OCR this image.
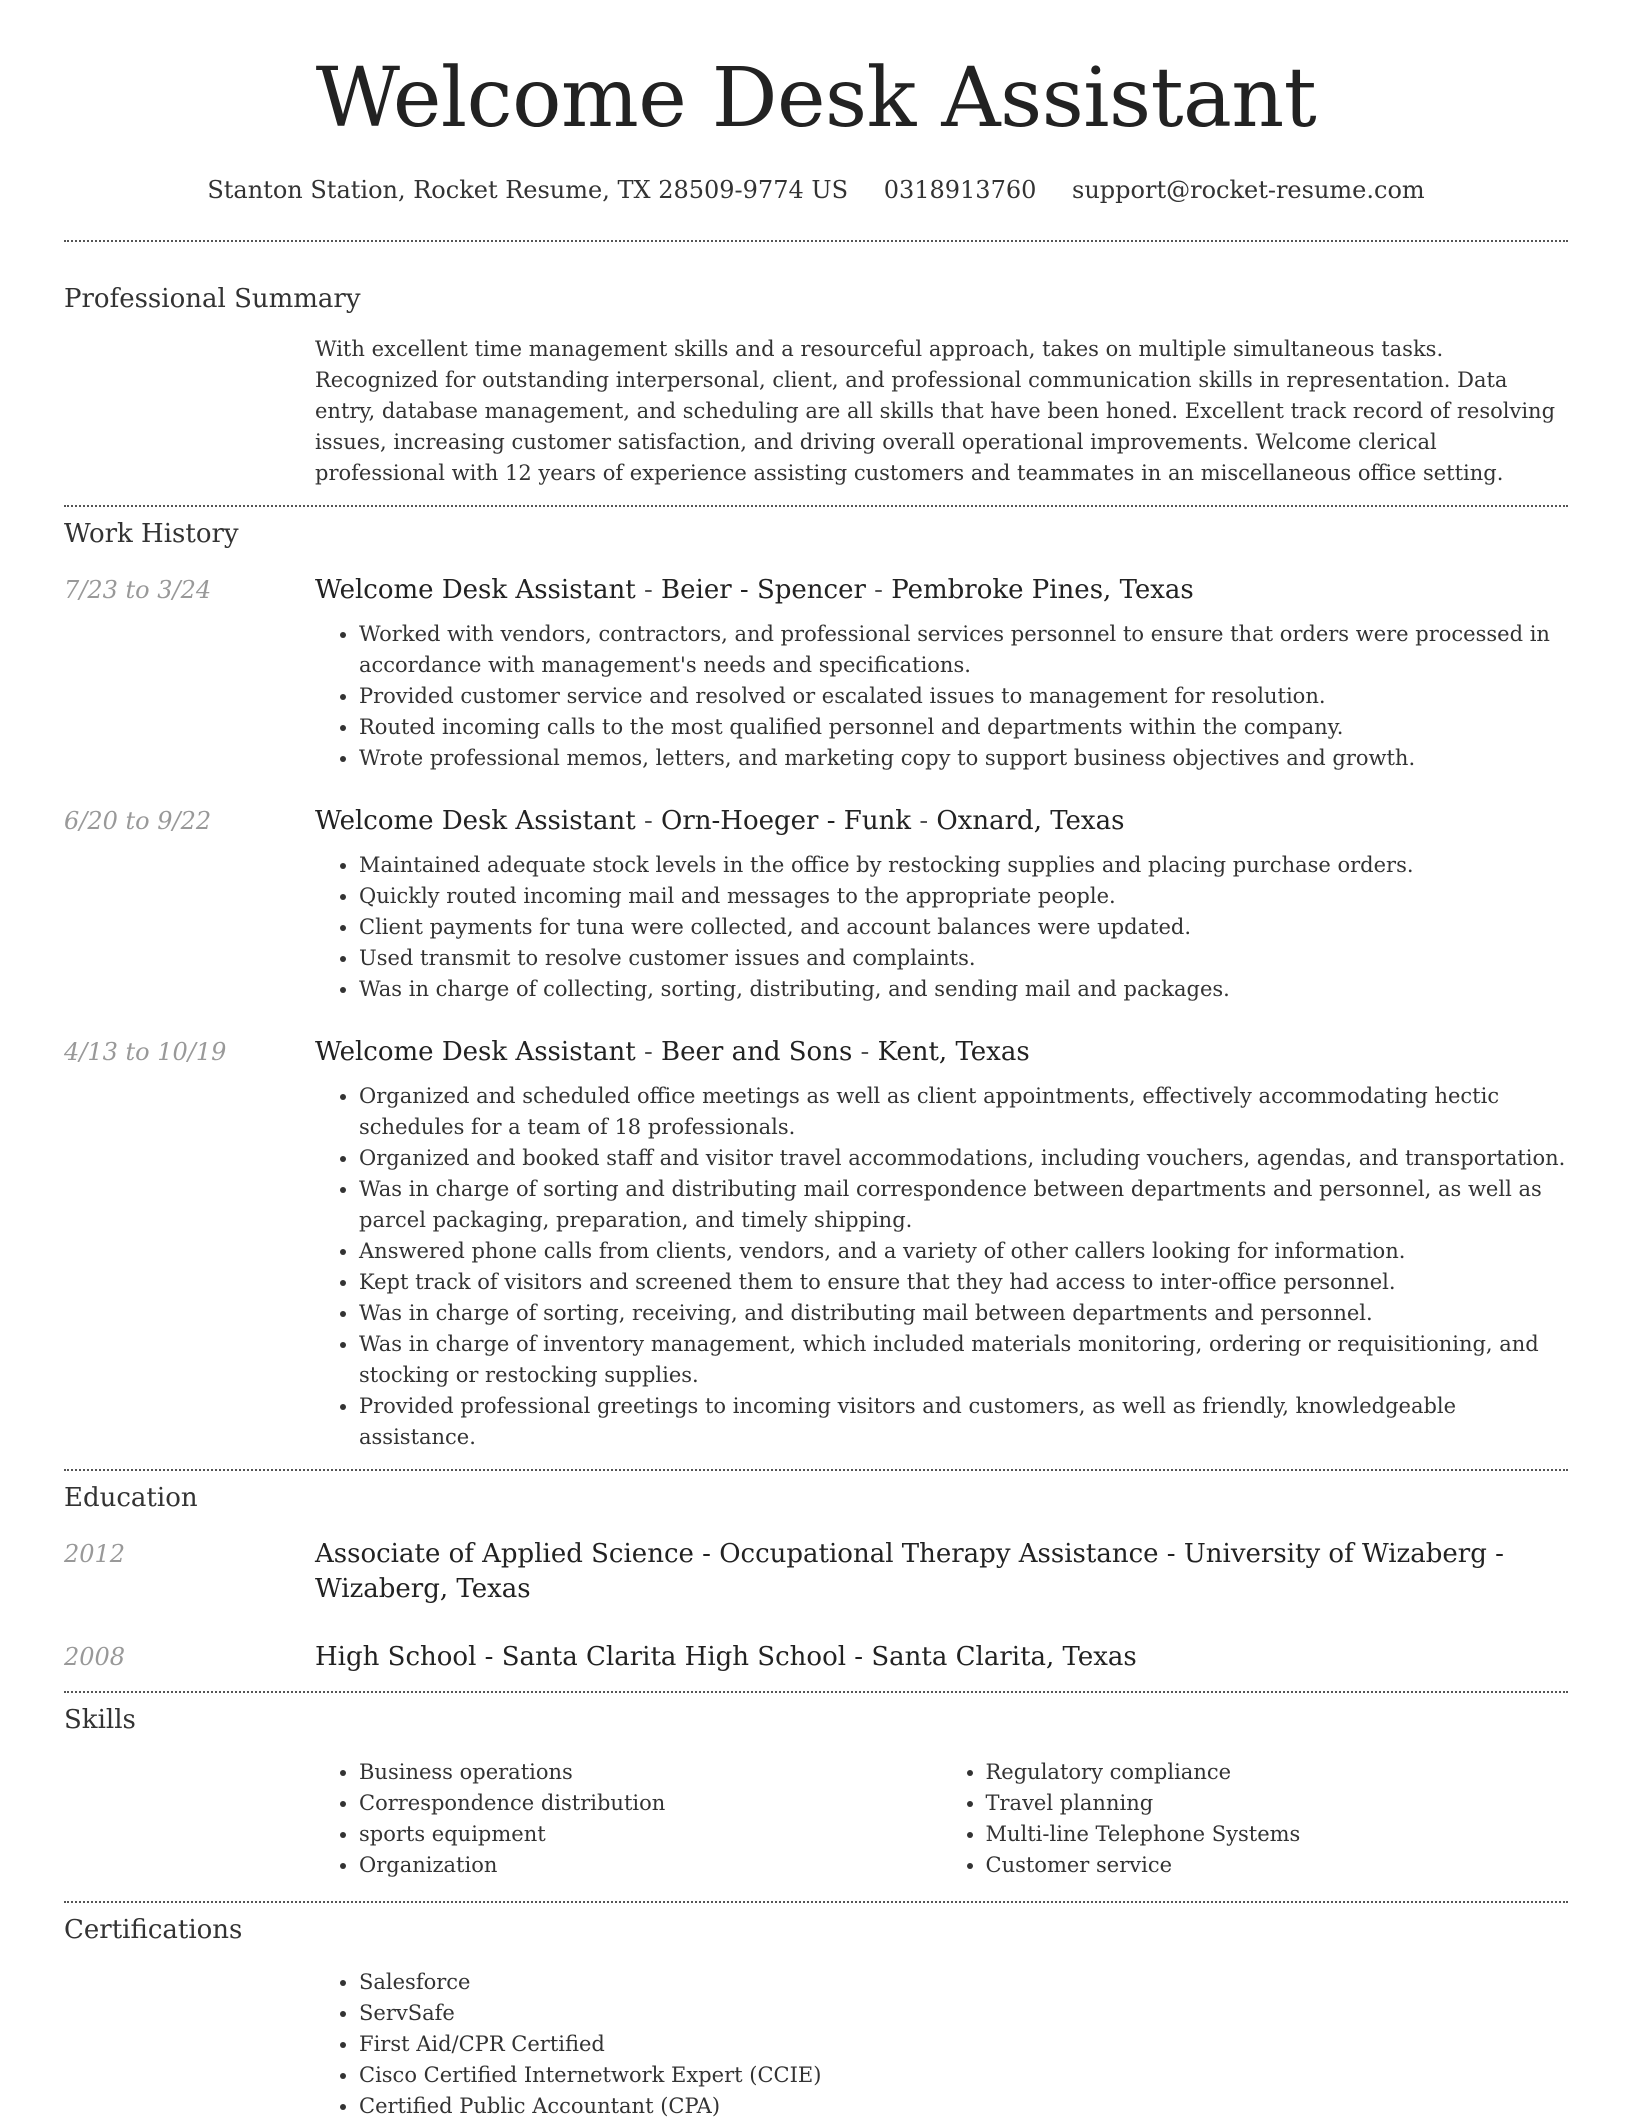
Welcome Desk Assistant
Stanton Station, Rocket Resume, TX 28509-9774 US 0318913760 support@rocket-resume.com
Professional Summary

With excellent time management skills and a resourceful approach, takes on multiple simultaneous tasks. Recognized for outstanding interpersonal, client, and professional communication skills in representation. Data entry, database management, and scheduling are all skills that have been honed. Excellent track record of resolving issues, increasing customer satisfaction, and driving overall operational improvements. Welcome clerical professional with 12 years of experience assisting customers and teammates in an miscellaneous office setting.

Work History
7/23 to 3/24	Welcome Desk Assistant - Beier - Spencer - Pembroke Pines, Texas

• Worked with vendors, contractors, and professional services personnel to ensure that orders were processed in accordance with management's needs and specifications.
• Provided customer service and resolved or escalated issues to management for resolution.
• Routed incoming calls to the most qualified personnel and departments within the company.
• Wrote professional memos, letters, and marketing copy to support business objectives and growth.
6/20 to 9/22	Welcome Desk Assistant - Orn-Hoeger - Funk - Oxnard, Texas

• Maintained adequate stock levels in the office by restocking supplies and placing purchase orders.
• Quickly routed incoming mail and messages to the appropriate people.
• Client payments for tuna were collected, and account balances were updated.
• Used transmit to resolve customer issues and complaints.
• Was in charge of collecting, sorting, distributing, and sending mail and packages.
4/13 to 10/19	Welcome Desk Assistant - Beer and Sons - Kent, Texas

• Organized and scheduled office meetings as well as client appointments, effectively accommodating hectic schedules for a team of 18 professionals.
• Organized and booked staff and visitor travel accommodations, including vouchers, agendas, and transportation.
• Was in charge of sorting and distributing mail correspondence between departments and personnel, as well as parcel packaging, preparation, and timely shipping.
• Answered phone calls from clients, vendors, and a variety of other callers looking for information.
• Kept track of visitors and screened them to ensure that they had access to inter-office personnel.
• Was in charge of sorting, receiving, and distributing mail between departments and personnel.
• Was in charge of inventory management, which included materials monitoring, ordering or requisitioning, and stocking or restocking supplies.
• Provided professional greetings to incoming visitors and customers, as well as friendly, knowledgeable assistance.
Education
2012	Associate of Applied Science - Occupational Therapy Assistance - University of Wizaberg - Wizaberg, Texas

2008	High School - Santa Clarita High School - Santa Clarita, Texas

Skills
• Business operations
• Correspondence distribution
• sports equipment
• Organization
• Regulatory compliance
• Travel planning
• Multi-line Telephone Systems
• Customer service
Certifications
• Salesforce
• ServSafe
• First Aid/CPR Certified
• Cisco Certified Internetwork Expert (CCIE)
• Certified Public Accountant (CPA)
